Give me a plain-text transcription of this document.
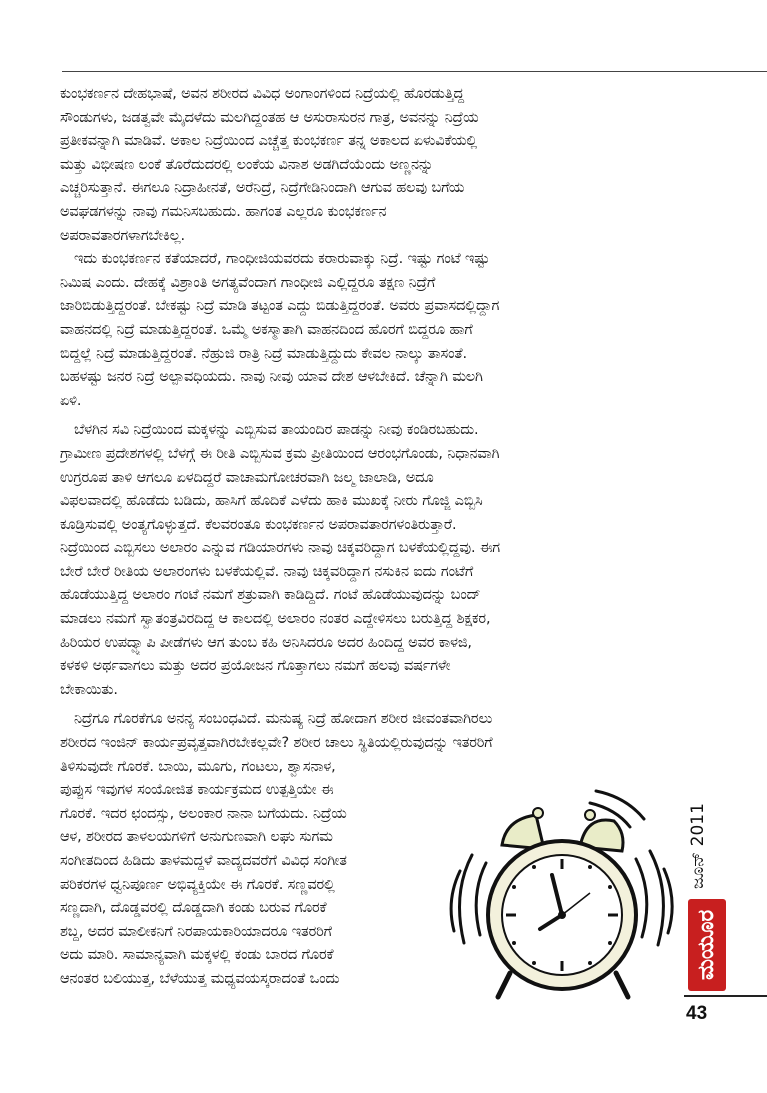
ಕುಂಭಕರ್ಣನ ದೇಹಭಾಷೆ, ಅವನ ಶರೀರದ ವಿವಿಧ ಅಂಗಾಂಗಳಿಂದ ನಿದ್ರೆಯಲ್ಲಿ ಹೊರಡುತ್ತಿದ್ದ
ಸೌಂಡುಗಳು, ಜಡತ್ವವೇ ಮೈದಳೆದು ಮಲಗಿದ್ದಂತಹ ಆ ಅಸುರಾಸುರನ ಗಾತ್ರ, ಅವನನ್ನು ನಿದ್ರೆಯ
ಪ್ರತೀಕವನ್ನಾಗಿ ಮಾಡಿವೆ. ಅಕಾಲ ನಿದ್ರೆಯಿಂದ ಎಚ್ಚೆತ್ತ ಕುಂಭಕರ್ಣ ತನ್ನ ಅಕಾಲದ ಏಳುವಿಕೆಯಲ್ಲಿ
ಮತ್ತು ವಿಭೀಷಣ ಲಂಕೆ ತೊರೆದುದರಲ್ಲಿ ಲಂಕೆಯ ವಿನಾಶ ಅಡಗಿದೆಯೆಂದು ಅಣ್ಣನನ್ನು
ಎಚ್ಚರಿಸುತ್ತಾನೆ. ಈಗಲೂ ನಿದ್ರಾಹೀನತೆ, ಅರೆನಿದ್ರೆ, ನಿದ್ರೆಗೇಡಿನಿಂದಾಗಿ ಆಗುವ ಹಲವು ಬಗೆಯ
ಅವಘಡಗಳನ್ನು ನಾವು ಗಮನಿಸಬಹುದು. ಹಾಗಂತ ಎಲ್ಲರೂ ಕುಂಭಕರ್ಣನ
ಅಪರಾವತಾರಗಳಾಗಬೇಕಿಲ್ಲ.
ಇದು ಕುಂಭಕರ್ಣನ ಕತೆಯಾದರೆ, ಗಾಂಧೀಜಿಯವರದು ಕರಾರುವಾಕ್ಕು ನಿದ್ರೆ. ಇಷ್ಟು ಗಂಟೆ ಇಷ್ಟು
ನಿಮಿಷ ಎಂದು. ದೇಹಕ್ಕೆ ವಿಶ್ರಾಂತಿ ಅಗತ್ಯವೆಂದಾಗ ಗಾಂಧೀಜಿ ಎಲ್ಲಿದ್ದರೂ ತಕ್ಷಣ ನಿದ್ರೆಗೆ
ಜಾರಿಬಿಡುತ್ತಿದ್ದರಂತೆ. ಬೇಕಷ್ಟು ನಿದ್ರೆ ಮಾಡಿ ತಟ್ಟಂತ ಎದ್ದು ಬಿಡುತ್ತಿದ್ದರಂತೆ. ಅವರು ಪ್ರವಾಸದಲ್ಲಿದ್ದಾಗ
ವಾಹನದಲ್ಲಿ ನಿದ್ರೆ ಮಾಡುತ್ತಿದ್ದರಂತೆ. ಒಮ್ಮೆ ಅಕಸ್ಮಾತಾಗಿ ವಾಹನದಿಂದ ಹೊರಗೆ ಬಿದ್ದರೂ ಹಾಗೆ
ಬಿದ್ದಲ್ಲೆ ನಿದ್ರೆ ಮಾಡುತ್ತಿದ್ದರಂತೆ. ನೆಹ್ರುಜಿ ರಾತ್ರಿ ನಿದ್ರೆ ಮಾಡುತ್ತಿದ್ದುದು ಕೇವಲ ನಾಲ್ಕು ತಾಸಂತೆ.
ಬಹಳಷ್ಟು ಜನರ ನಿದ್ರೆ ಅಲ್ಪಾವಧಿಯದು. ನಾವು ನೀವು ಯಾವ ದೇಶ ಆಳಬೇಕಿದೆ. ಚೆನ್ನಾಗಿ ಮಲಗಿ
ಏಳಿ.
ಬೆಳಗಿನ ಸವಿ ನಿದ್ರೆಯಿಂದ ಮಕ್ಕಳನ್ನು ಎಬ್ಬಿಸುವ ತಾಯಂದಿರ ಪಾಡನ್ನು ನೀವು ಕಂಡಿರಬಹುದು.
ಗ್ರಾಮೀಣ ಪ್ರದೇಶಗಳಲ್ಲಿ ಬೆಳಗ್ಗೆ ಈ ರೀತಿ ಎಬ್ಬಿಸುವ ಕ್ರಮ ಪ್ರೀತಿಯಿಂದ ಆರಂಭಗೊಂಡು, ನಿಧಾನವಾಗಿ
ಉಗ್ರರೂಪ ತಾಳಿ ಆಗಲೂ ಏಳದಿದ್ದರೆ ವಾಚಾಮಗೋಚರವಾಗಿ ಜಲ್ಮ ಜಾಲಾಡಿ, ಅದೂ
ವಿಫಲವಾದಲ್ಲಿ ಹೊಡೆದು ಬಡಿದು, ಹಾಸಿಗೆ ಹೊದಿಕೆ ಎಳೆದು ಹಾಕಿ ಮುಖಕ್ಕೆ ನೀರು ಗೊಜ್ಜಿ ಎಬ್ಬಿಸಿ
ಕೂಡ್ರಿಸುವಲ್ಲಿ ಅಂತ್ಯಗೊಳ್ಳುತ್ತದೆ. ಕೆಲವರಂತೂ ಕುಂಭಕರ್ಣನ ಅಪರಾವತಾರಗಳಂತಿರುತ್ತಾರೆ.
ನಿದ್ರೆಯಿಂದ ಎಬ್ಬಿಸಲು ಅಲಾರಂ ಎನ್ನುವ ಗಡಿಯಾರಗಳು ನಾವು ಚಿಕ್ಕವರಿದ್ದಾಗ ಬಳಕೆಯಲ್ಲಿದ್ದವು. ಈಗ
ಬೇರೆ ಬೇರೆ ರೀತಿಯ ಅಲಾರಂಗಳು ಬಳಕೆಯಲ್ಲಿವೆ. ನಾವು ಚಿಕ್ಕವರಿದ್ದಾಗ ನಸುಕಿನ ಐದು ಗಂಟೆಗೆ
ಹೊಡೆಯುತ್ತಿದ್ದ ಅಲಾರಂ ಗಂಟೆ ನಮಗೆ ಶತ್ರುವಾಗಿ ಕಾಡಿದ್ದಿದೆ. ಗಂಟೆ ಹೊಡೆಯುವುದನ್ನು ಬಂದ್
ಮಾಡಲು ನಮಗೆ ಸ್ವಾತಂತ್ರವಿರದಿದ್ದ ಆ ಕಾಲದಲ್ಲಿ ಅಲಾರಂ ನಂತರ ಎದ್ದೇಳಿಸಲು ಬರುತ್ತಿದ್ದ ಶಿಕ್ಷಕರ,
ಹಿರಿಯರ ಉಪದ್ವ್ಯಾಪಿ ಪೀಡೆಗಳು ಆಗ ತುಂಬ ಕಹಿ ಅನಿಸಿದರೂ ಅದರ ಹಿಂದಿದ್ದ ಅವರ ಕಾಳಜಿ,
ಕಳಕಳಿ ಅರ್ಥವಾಗಲು ಮತ್ತು ಅದರ ಪ್ರಯೋಜನ ಗೊತ್ತಾಗಲು ನಮಗೆ ಹಲವು ವರ್ಷಗಳೇ
ಬೇಕಾಯಿತು.
ನಿದ್ರೆಗೂ ಗೊರಕೆಗೂ ಅನನ್ಯ ಸಂಬಂಧವಿದೆ. ಮನುಷ್ಯ ನಿದ್ರೆ ಹೋದಾಗ ಶರೀರ ಜೀವಂತವಾಗಿರಲು
ಶರೀರದ ಇಂಜಿನ್ ಕಾರ್ಯಪ್ರವೃತ್ತವಾಗಿರಬೇಕಲ್ಲವೇ? ಶರೀರ ಚಾಲು ಸ್ಥಿತಿಯಲ್ಲಿರುವುದನ್ನು ಇತರರಿಗೆ
ತಿಳಿಸುವುದೇ ಗೊರಕೆ. ಬಾಯಿ, ಮೂಗು, ಗಂಟಲು, ಶ್ವಾಸನಾಳ,
ಪುಪ್ಪುಸ ಇವುಗಳ ಸಂಯೋಜಿತ ಕಾರ್ಯಕ್ರಮದ ಉತ್ಪತ್ತಿಯೇ ಈ
ಗೊರಕೆ. ಇದರ ಛಂದಸ್ಸು, ಅಲಂಕಾರ ನಾನಾ ಬಗೆಯದು. ನಿದ್ರೆಯ
ಆಳ, ಶರೀರದ ತಾಳಲಯಗಳಿಗೆ ಅನುಗುಣವಾಗಿ ಲಘು ಸುಗಮ
ಸಂಗೀತದಿಂದ ಹಿಡಿದು ತಾಳಮದ್ದಳೆ ವಾದ್ಯದವರೆಗೆ ವಿವಿಧ ಸಂಗೀತ
ಪರಿಕರಗಳ ಧ್ವನಿಪೂರ್ಣ ಅಭಿವ್ಯಕ್ತಿಯೇ ಈ ಗೊರಕೆ. ಸಣ್ಣವರಲ್ಲಿ
ಸಣ್ಣದಾಗಿ, ದೊಡ್ಡವರಲ್ಲಿ ದೊಡ್ಡದಾಗಿ ಕಂಡು ಬರುವ ಗೊರಕೆ
ಶಬ್ದ, ಅದರ ಮಾಲೀಕನಿಗೆ ನಿರಪಾಯಕಾರಿಯಾದರೂ ಇತರರಿಗೆ
ಅದು ಮಾರಿ. ಸಾಮಾನ್ಯವಾಗಿ ಮಕ್ಕಳಲ್ಲಿ ಕಂಡು ಬಾರದ ಗೊರಕೆ
ಆನಂತರ ಬಲಿಯುತ್ತ, ಬೆಳೆಯುತ್ತ ಮಧ್ಯವಯಸ್ಕರಾದಂತೆ ಒಂದು
ಜೂನ್ 2011
ಮಯೂರ
43
